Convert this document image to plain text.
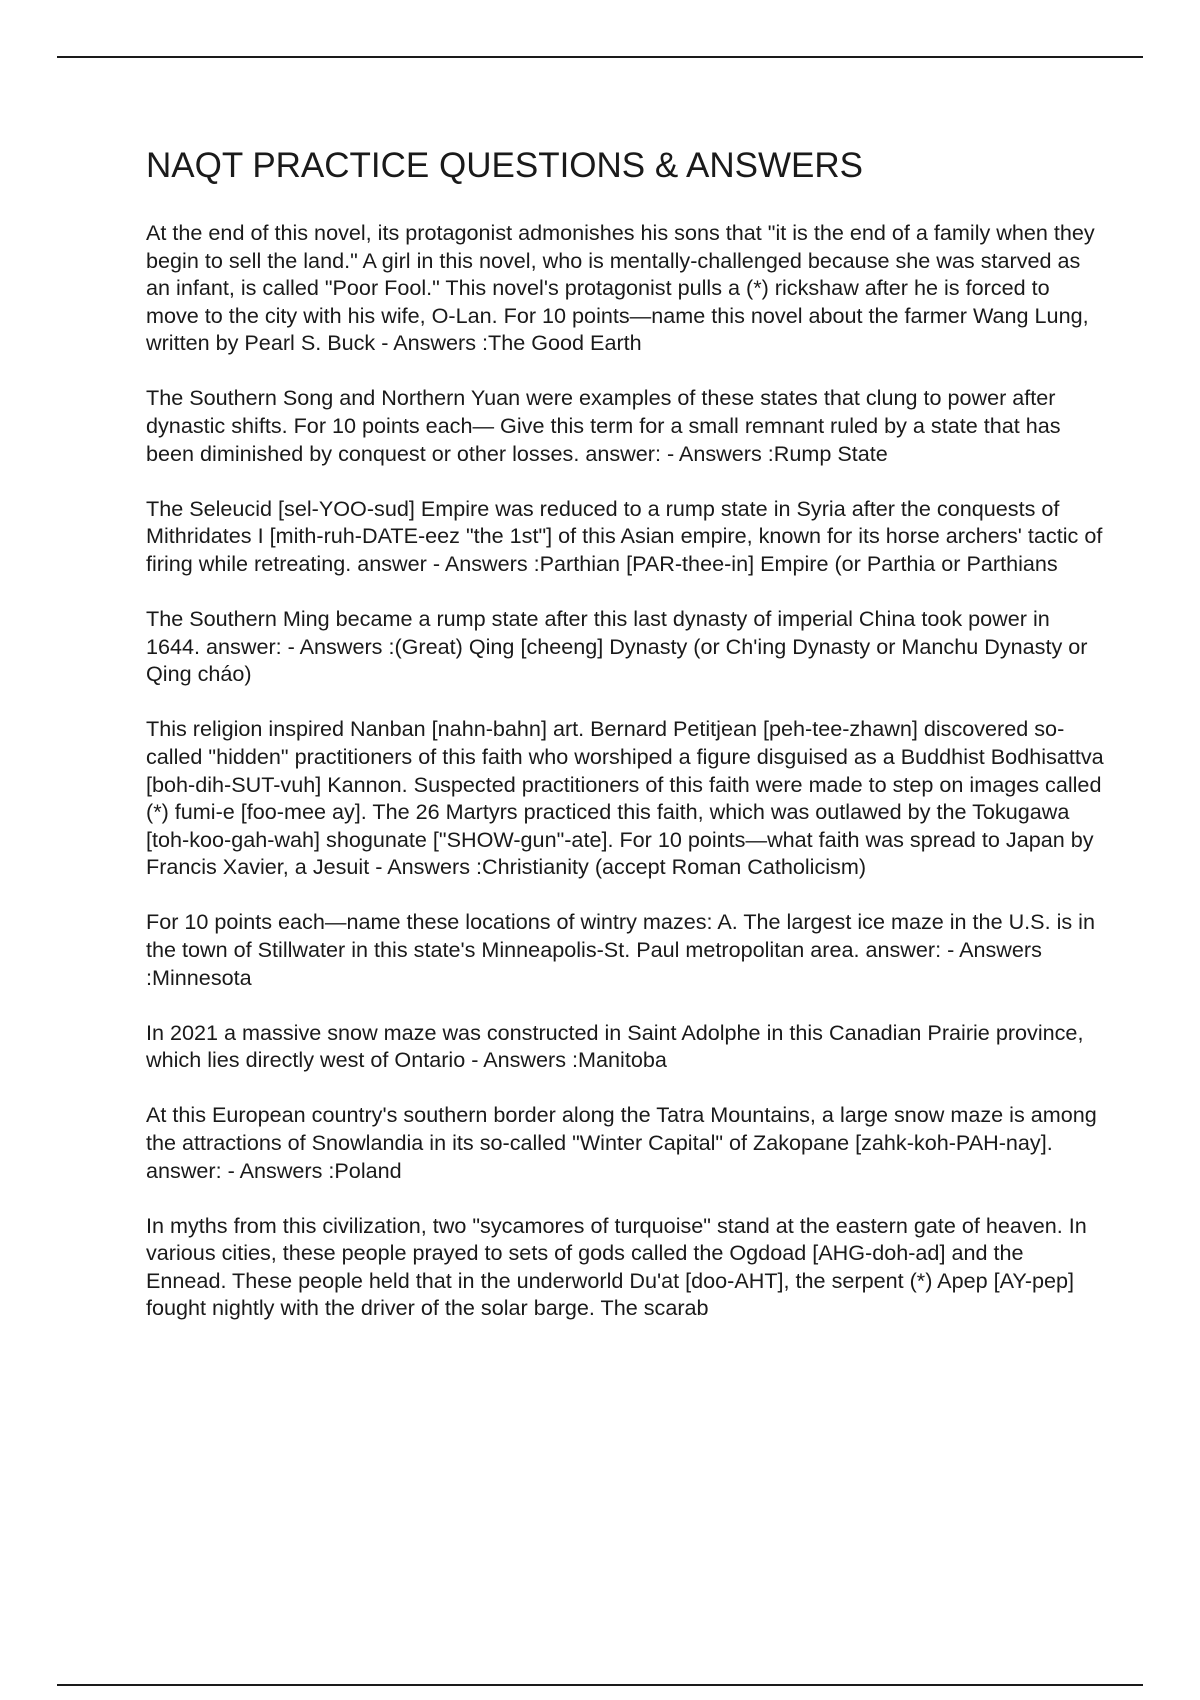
NAQT PRACTICE QUESTIONS & ANSWERS

At the end of this novel, its protagonist admonishes his sons that "it is the end of a family when they begin to sell the land." A girl in this novel, who is mentally-challenged because she was starved as an infant, is called "Poor Fool." This novel's protagonist pulls a (*) rickshaw after he is forced to move to the city with his wife, O-Lan. For 10 points—name this novel about the farmer Wang Lung, written by Pearl S. Buck - Answers :The Good Earth

The Southern Song and Northern Yuan were examples of these states that clung to power after dynastic shifts. For 10 points each— Give this term for a small remnant ruled by a state that has been diminished by conquest or other losses. answer: - Answers :Rump State

The Seleucid [sel-YOO-sud] Empire was reduced to a rump state in Syria after the conquests of Mithridates I [mith-ruh-DATE-eez "the 1st"] of this Asian empire, known for its horse archers' tactic of firing while retreating. answer - Answers :Parthian [PAR-thee-in] Empire (or Parthia or Parthians

The Southern Ming became a rump state after this last dynasty of imperial China took power in 1644. answer: - Answers :(Great) Qing [cheeng] Dynasty (or Ch'ing Dynasty or Manchu Dynasty or Qing cháo)

This religion inspired Nanban [nahn-bahn] art. Bernard Petitjean [peh-tee-zhawn] discovered so-called "hidden" practitioners of this faith who worshiped a figure disguised as a Buddhist Bodhisattva [boh-dih-SUT-vuh] Kannon. Suspected practitioners of this faith were made to step on images called (*) fumi-e [foo-mee ay]. The 26 Martyrs practiced this faith, which was outlawed by the Tokugawa [toh-koo-gah-wah] shogunate ["SHOW-gun"-ate]. For 10 points—what faith was spread to Japan by Francis Xavier, a Jesuit - Answers :Christianity (accept Roman Catholicism)

For 10 points each—name these locations of wintry mazes: A. The largest ice maze in the U.S. is in the town of Stillwater in this state's Minneapolis-St. Paul metropolitan area. answer: - Answers :Minnesota

In 2021 a massive snow maze was constructed in Saint Adolphe in this Canadian Prairie province, which lies directly west of Ontario - Answers :Manitoba

At this European country's southern border along the Tatra Mountains, a large snow maze is among the attractions of Snowlandia in its so-called "Winter Capital" of Zakopane [zahk-koh-PAH-nay]. answer: - Answers :Poland

In myths from this civilization, two "sycamores of turquoise" stand at the eastern gate of heaven. In various cities, these people prayed to sets of gods called the Ogdoad [AHG-doh-ad] and the Ennead. These people held that in the underworld Du'at [doo-AHT], the serpent (*) Apep [AY-pep] fought nightly with the driver of the solar barge. The scarab
